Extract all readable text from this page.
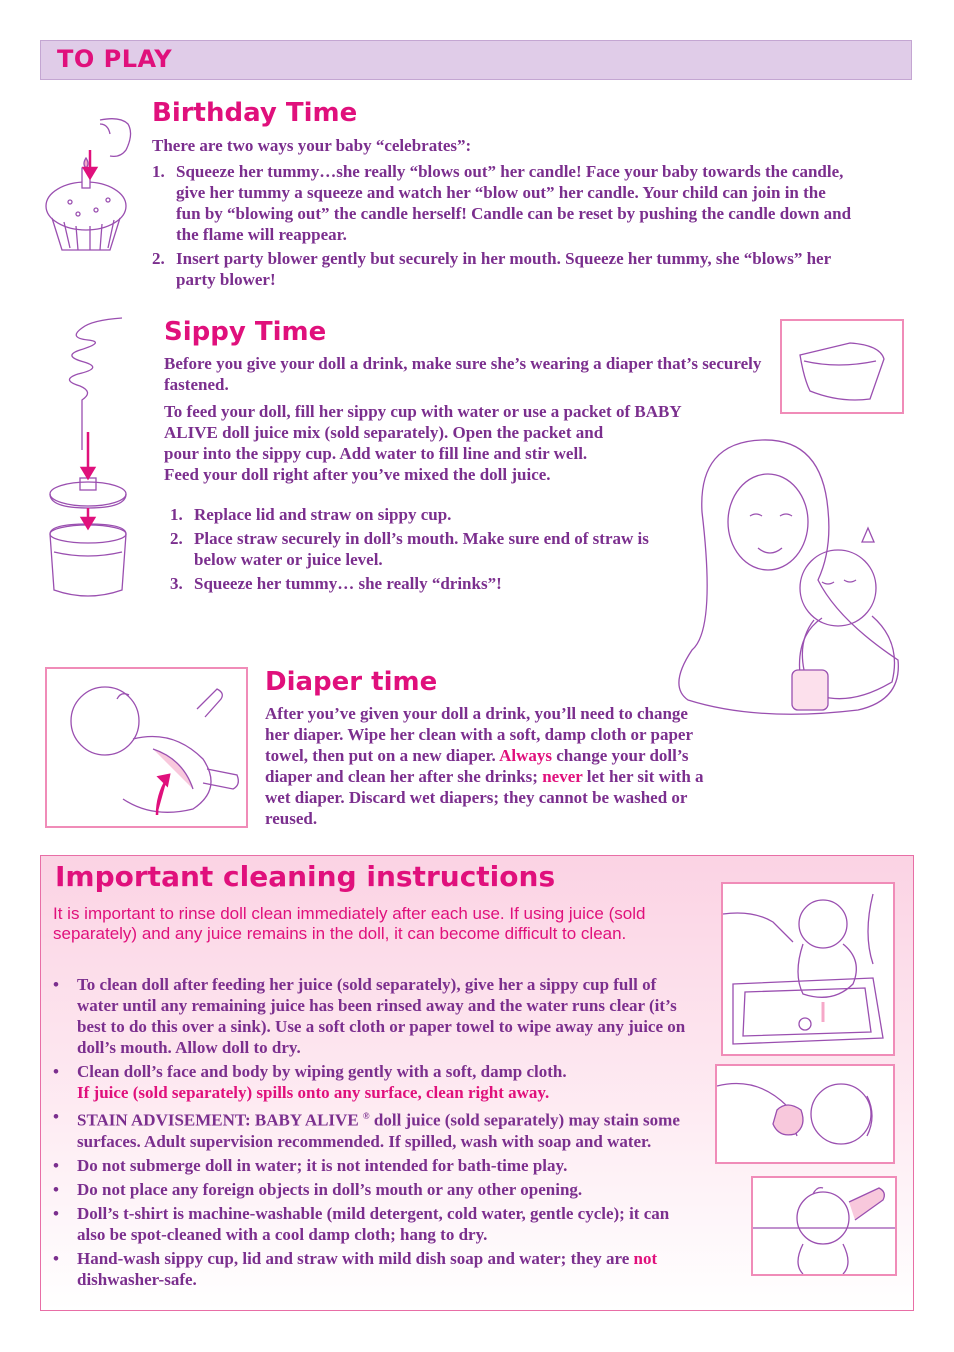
TO PLAY
Birthday Time

There are two ways your baby “celebrates”:

1. Squeeze her tummy…she really “blows out” her candle! Face your baby towards the candle, give her tummy a squeeze and watch her “blow out” her candle. Your child can join in the fun by “blowing out” the candle herself! Candle can be reset by pushing the candle down and the flame will reappear.
2. Insert party blower gently but securely in her mouth. Squeeze her tummy, she “blows” her party blower!
Sippy Time

Before you give your doll a drink, make sure she’s wearing a diaper that’s securely fastened.

To feed your doll, fill her sippy cup with water or use a packet of BABY
ALIVE doll juice mix (sold separately). Open the packet and
pour into the sippy cup. Add water to fill line and stir well.
Feed your doll right after you’ve mixed the doll juice.
1. Replace lid and straw on sippy cup.
2. Place straw securely in doll’s mouth. Make sure end of straw is below water or juice level.
3. Squeeze her tummy… she really “drinks”!
Diaper time
After you’ve given your doll a drink, you’ll need to change her diaper. Wipe her clean with a soft, damp cloth or paper towel, then put on a new diaper. Always change your doll’s diaper and clean her after she drinks; never let her sit with a wet diaper. Discard wet diapers; they cannot be washed or reused.
Important cleaning instructions
It is important to rinse doll clean immediately after each use. If using juice (sold separately) and any juice remains in the doll, it can become difficult to clean.
• To clean doll after feeding her juice (sold separately), give her a sippy cup full of water until any remaining juice has been rinsed away and the water runs clear (it’s best to do this over a sink). Use a soft cloth or paper towel to wipe away any juice on doll’s mouth. Allow doll to dry.
• Clean doll’s face and body by wiping gently with a soft, damp cloth.
If juice (sold separately) spills onto any surface, clean right away.
• STAIN ADVISEMENT: BABY ALIVE ® doll juice (sold separately) may stain some surfaces. Adult supervision recommended. If spilled, wash with soap and water.
• Do not submerge doll in water; it is not intended for bath-time play.
• Do not place any foreign objects in doll’s mouth or any other opening.
• Doll’s t-shirt is machine-washable (mild detergent, cold water, gentle cycle); it can also be spot-cleaned with a cool damp cloth; hang to dry.
• Hand-wash sippy cup, lid and straw with mild dish soap and water; they are not dishwasher-safe.
